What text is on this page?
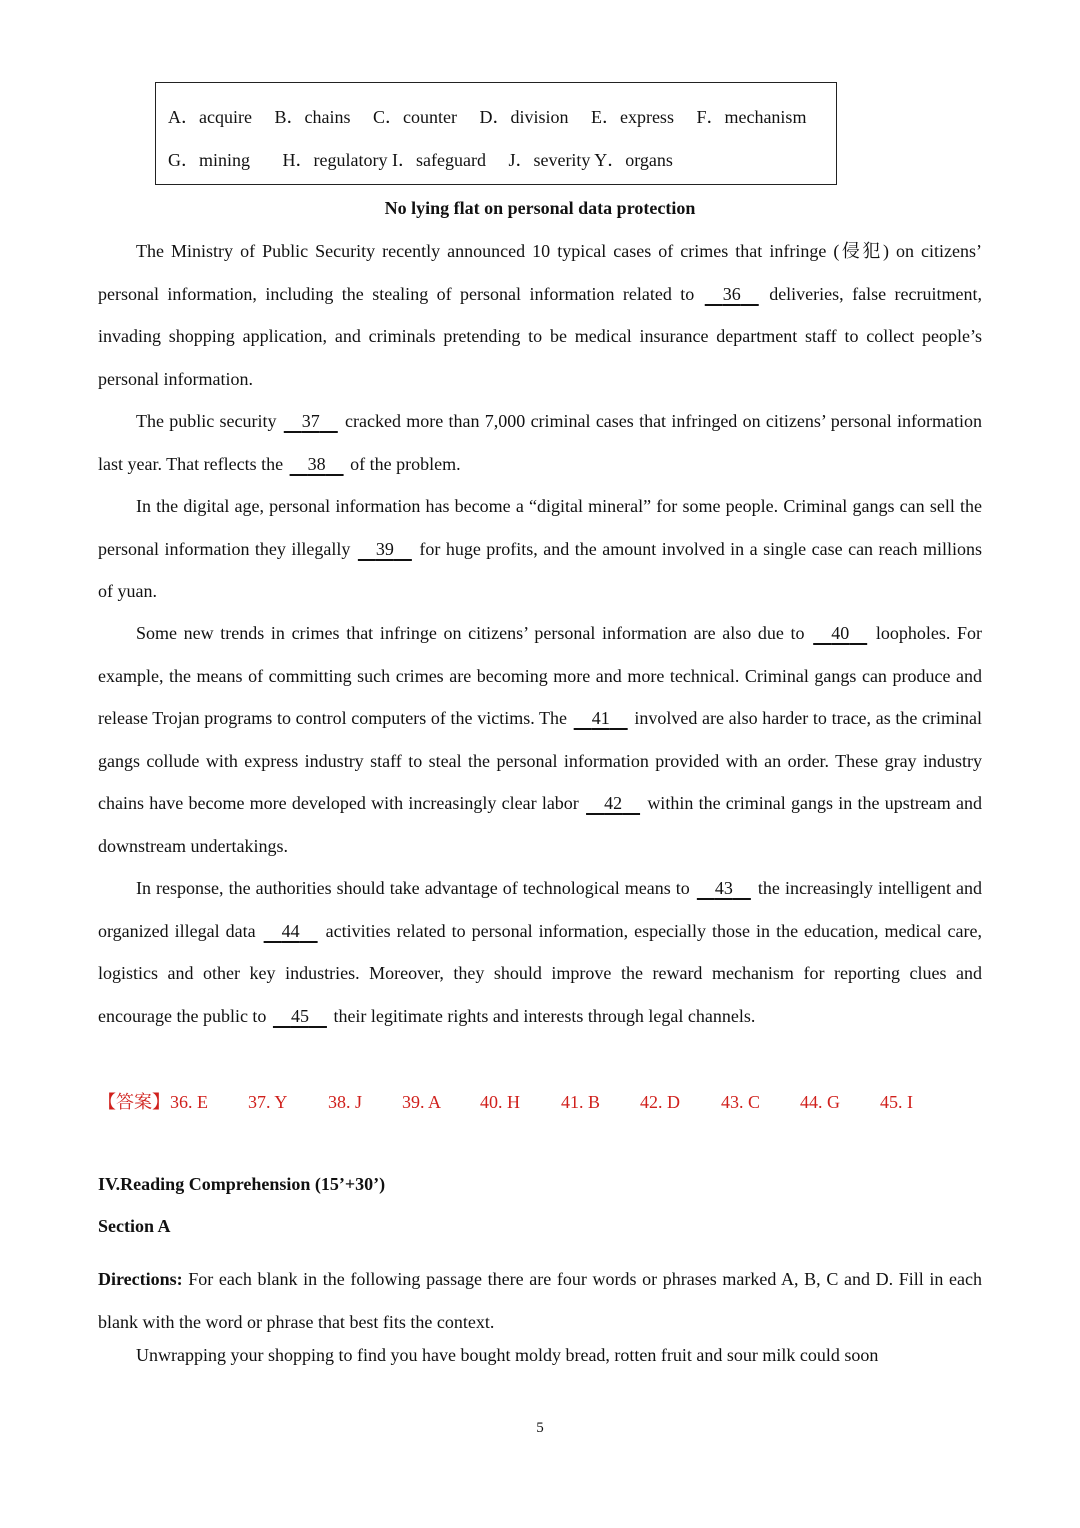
A．acquire B．chains C．counter D．division E．express F．mechanism
G．mining H．regulatory I．safeguard J．severity Y．organs
No lying flat on personal data protection
The Ministry of Public Security recently announced 10 typical cases of crimes that infringe (侵犯) on citizens’ personal information, including the stealing of personal information related to     36     deliveries, false recruitment, invading shopping application, and criminals pretending to be medical insurance department staff to collect people’s personal information.
The public security     37     cracked more than 7,000 criminal cases that infringed on citizens’ personal information last year. That reflects the     38     of the problem.
In the digital age, personal information has become a “digital mineral” for some people. Criminal gangs can sell the personal information they illegally     39     for huge profits, and the amount involved in a single case can reach millions of yuan.
Some new trends in crimes that infringe on citizens’ personal information are also due to     40     loopholes. For example, the means of committing such crimes are becoming more and more technical. Criminal gangs can produce and release Trojan programs to control computers of the victims. The     41     involved are also harder to trace, as the criminal gangs collude with express industry staff to steal the personal information provided with an order. These gray industry chains have become more developed with increasingly clear labor     42     within the criminal gangs in the upstream and downstream undertakings.
In response, the authorities should take advantage of technological means to     43     the increasingly intelligent and organized illegal data     44     activities related to personal information, especially those in the education, medical care, logistics and other key industries. Moreover, they should improve the reward mechanism for reporting clues and encourage the public to     45     their legitimate rights and interests through legal channels.
【答案】36. E 37. Y 38. J 39. A 40. H 41. B 42. D 43. C 44. G 45. I
IV.Reading Comprehension (15’+30’)
Section A
Directions: For each blank in the following passage there are four words or phrases marked A, B, C and D. Fill in each blank with the word or phrase that best fits the context.
Unwrapping your shopping to find you have bought moldy bread, rotten fruit and sour milk could soon
5
